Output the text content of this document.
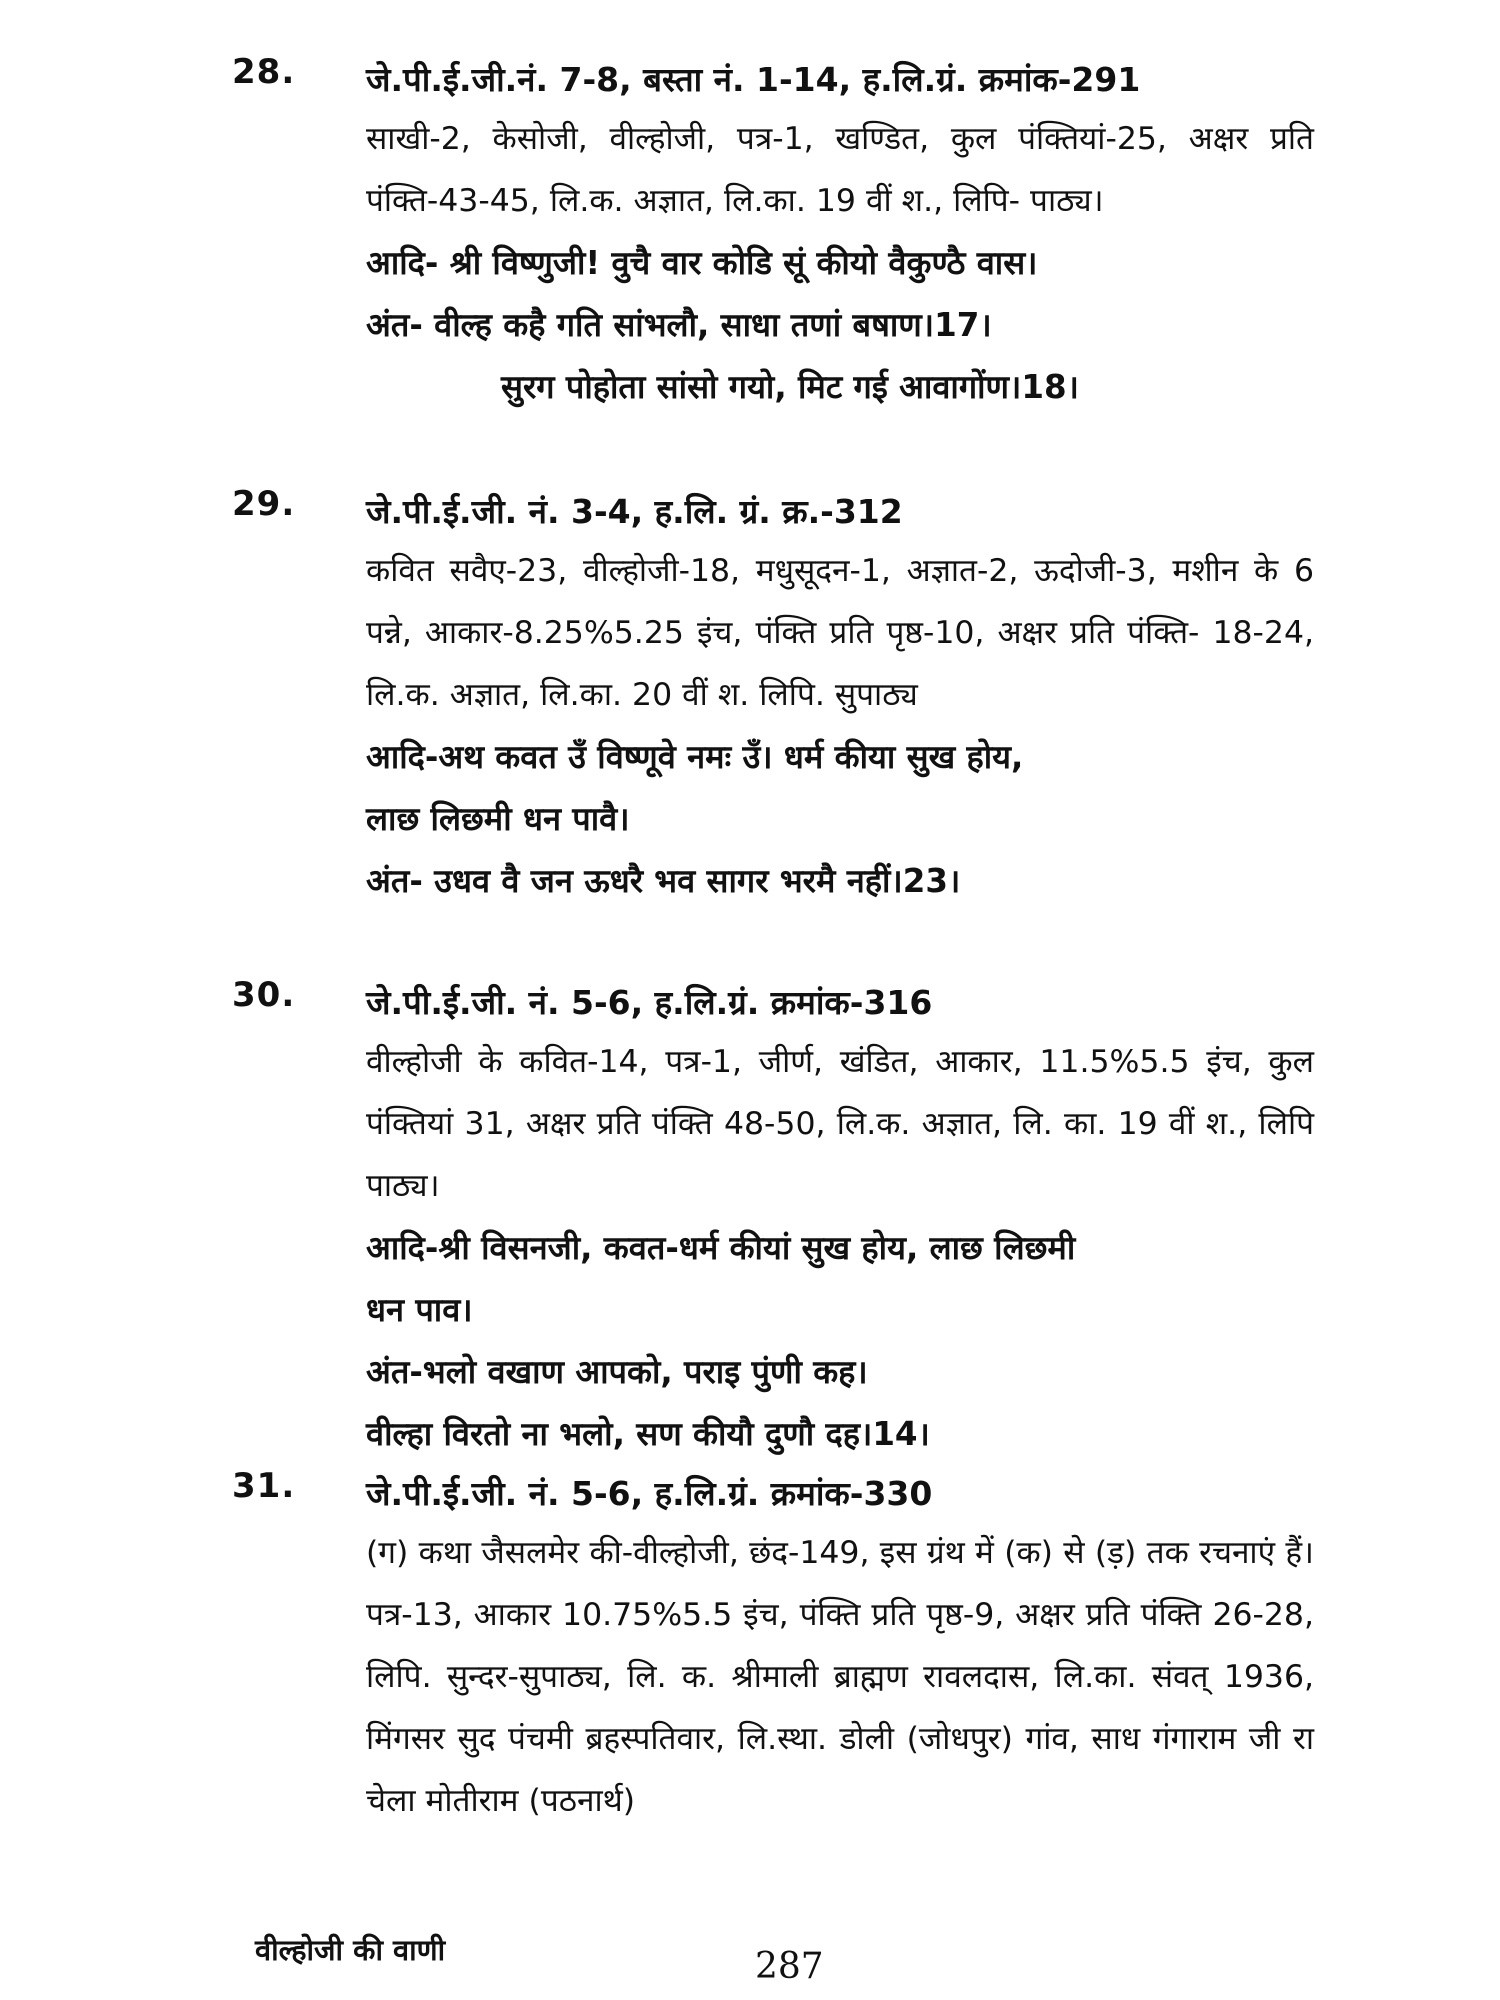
28. जे.पी.ई.जी.नं. 7-8, बस्ता नं. 1-14, ह.लि.ग्रं. क्रमांक-291
साखी-2, केसोजी, वील्होजी, पत्र-1, खण्डित, कुल पंक्तियां-25, अक्षर प्रति पंक्ति-43-45, लि.क. अज्ञात, लि.का. 19 वीं श., लिपि- पाठ्य।
आदि- श्री विष्णुजी! वुचै वार कोडि सूं कीयो वैकुण्ठै वास।
अंत- वील्ह कहै गति सांभलौ, साधा तणां बषाण।17।
सुरग पोहोता सांसो गयो, मिट गई आवागोंण।18।
29. जे.पी.ई.जी. नं. 3-4, ह.लि. ग्रं. क्र.-312
कवित सवैए-23, वील्होजी-18, मधुसूदन-1, अज्ञात-2, ऊदोजी-3, मशीन के 6 पन्ने, आकार-8.25%5.25 इंच, पंक्ति प्रति पृष्ठ-10, अक्षर प्रति पंक्ति- 18-24, लि.क. अज्ञात, लि.का. 20 वीं श. लिपि. सुपाठ्य
आदि-अथ कवत उँ विष्णूवे नमः उँ। धर्म कीया सुख होय,
लाछ लिछमी धन पावै।
अंत- उधव वै जन ऊधरै भव सागर भरमै नहीं।23।
30. जे.पी.ई.जी. नं. 5-6, ह.लि.ग्रं. क्रमांक-316
वील्होजी के कवित-14, पत्र-1, जीर्ण, खंडित, आकार, 11.5%5.5 इंच, कुल पंक्तियां 31, अक्षर प्रति पंक्ति 48-50, लि.क. अज्ञात, लि. का. 19 वीं श., लिपि पाठ्य।
आदि-श्री विसनजी, कवत-धर्म कीयां सुख होय, लाछ लिछमी
धन पाव।
अंत-भलो वखाण आपको, पराइ पुंणी कह।
वील्हा विरतो ना भलो, सण कीयौ दुणौ दह।14।
31. जे.पी.ई.जी. नं. 5-6, ह.लि.ग्रं. क्रमांक-330
(ग) कथा जैसलमेर की-वील्होजी, छंद-149, इस ग्रंथ में (क) से (ड़) तक रचनाएं हैं। पत्र-13, आकार 10.75%5.5 इंच, पंक्ति प्रति पृष्ठ-9, अक्षर प्रति पंक्ति 26-28, लिपि. सुन्दर-सुपाठ्य, लि. क. श्रीमाली ब्राह्मण रावलदास, लि.का. संवत् 1936, मिंगसर सुद पंचमी ब्रहस्पतिवार, लि.स्था. डोली (जोधपुर) गांव, साध गंगाराम जी रा चेला मोतीराम (पठनार्थ)
वील्होजी की वाणी	287
